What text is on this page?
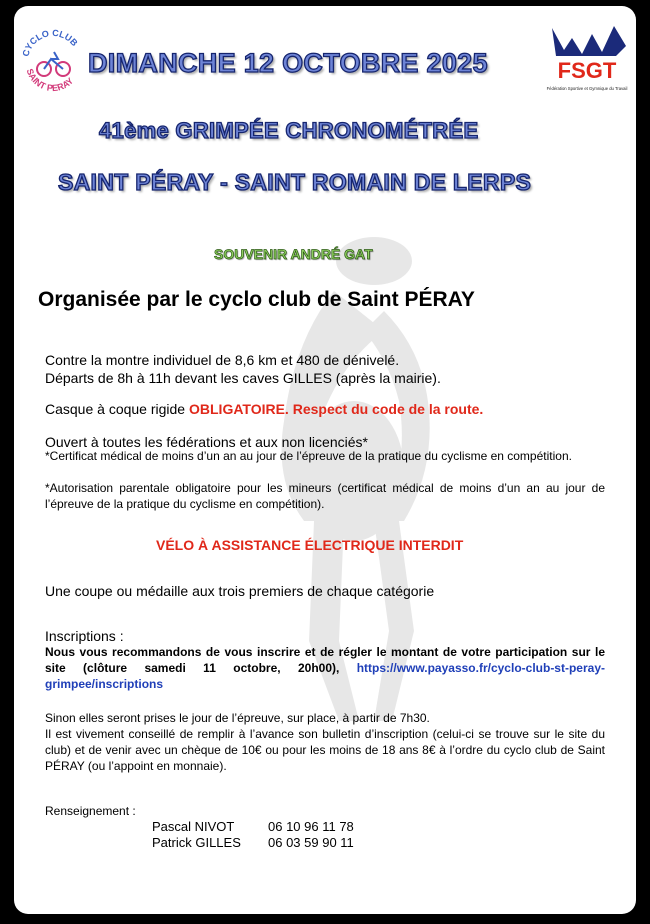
CYCLO CLUB
SAINT PERAY	FSGT
Fédération Sportive et Gymnique du Travail
DIMANCHE 12 OCTOBRE 2025
41ème GRIMPÉE CHRONOMÉTRÉE
SAINT PÉRAY - SAINT ROMAIN DE LERPS
SOUVENIR ANDRÉ GAT
Organisée par le cyclo club de Saint PÉRAY
Contre la montre individuel de 8,6 km et 480 de dénivelé.
Départs de 8h à 11h devant les caves GILLES (après la mairie).
Casque à coque rigide OBLIGATOIRE. Respect du code de la route.
Ouvert à toutes les fédérations et aux non licenciés*
*Certificat médical de moins d’un an au jour de l’épreuve de la pratique du cyclisme en compétition.
*Autorisation parentale obligatoire pour les mineurs (certificat médical de moins d’un an au jour de l’épreuve de la pratique du cyclisme en compétition).
VÉLO À ASSISTANCE ÉLECTRIQUE INTERDIT
Une coupe ou médaille aux trois premiers de chaque catégorie
Inscriptions :
Nous vous recommandons de vous inscrire et de régler le montant de votre participation sur le site (clôture samedi 11 octobre, 20h00), https://www.payasso.fr/cyclo-club-st-peray-grimpee/inscriptions
Sinon elles seront prises le jour de l’épreuve, sur place, à partir de 7h30.
Il est vivement conseillé de remplir à l’avance son bulletin d’inscription (celui-ci se trouve sur le site du club) et de venir avec un chèque de 10€ ou pour les moins de 18 ans 8€ à l’ordre du cyclo club de Saint PÉRAY (ou l’appoint en monnaie).
Renseignement :
Pascal NIVOT	06 10 96 11 78
Patrick GILLES 06 03 59 90 11
